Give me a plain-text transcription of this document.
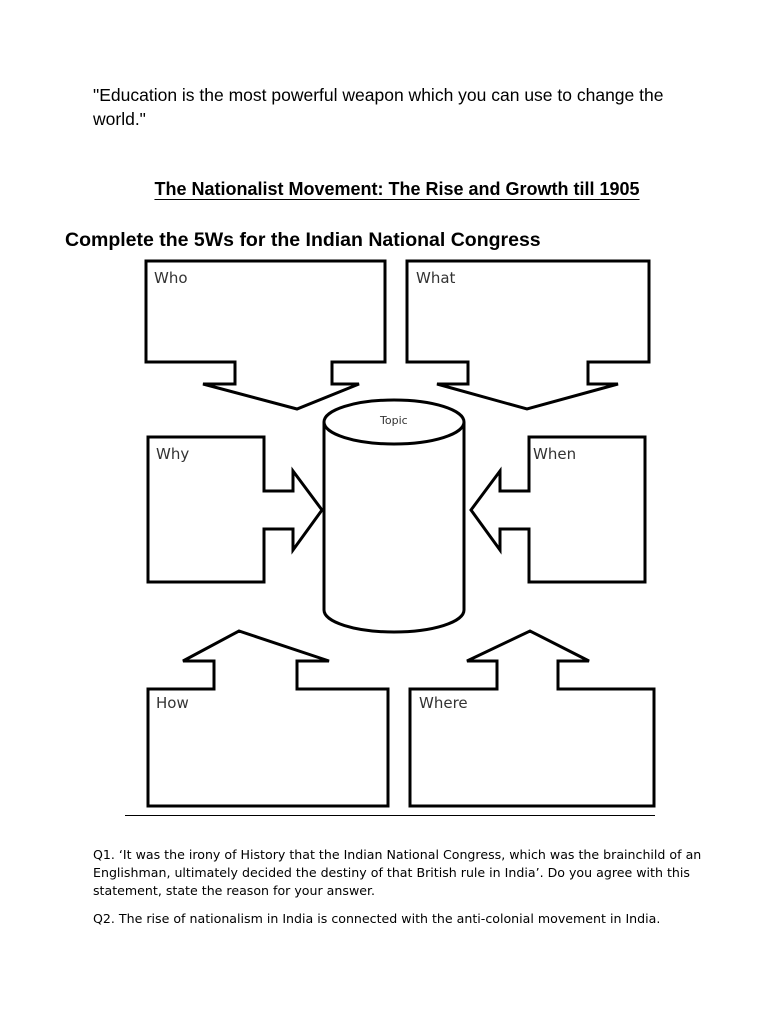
"Education is the most powerful weapon which you can use to change the world."
The Nationalist Movement: The Rise and Growth till 1905
Complete the 5Ws for the Indian National Congress
Topic
Who	What
Why	When
How	Where
Q1. ‘It was the irony of History that the Indian National Congress, which was the brainchild of an Englishman, ultimately decided the destiny of that British rule in India’. Do you agree with this statement, state the reason for your answer.
Q2. The rise of nationalism in India is connected with the anti-colonial movement in India.
